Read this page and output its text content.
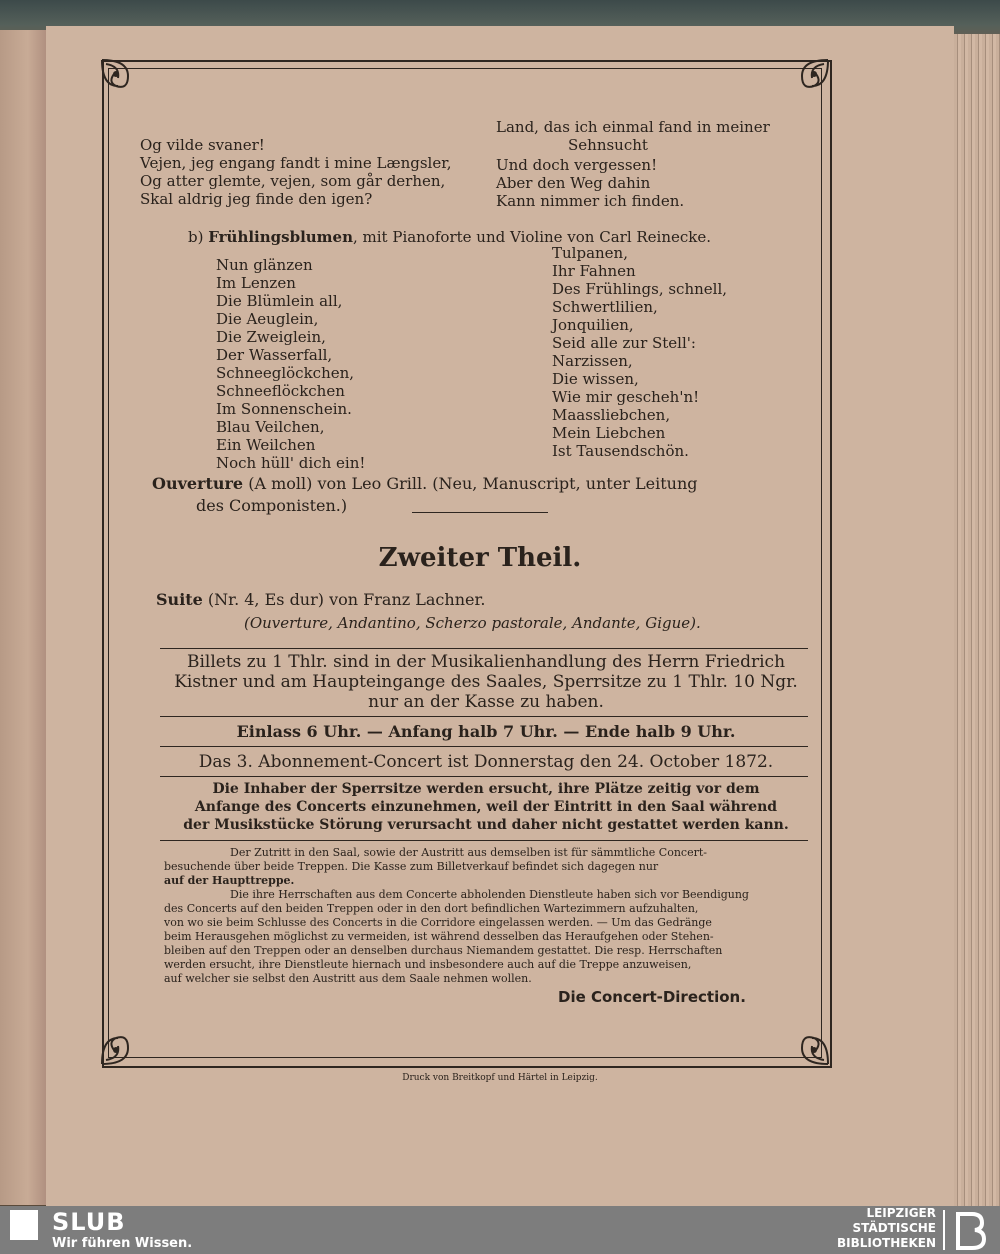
Og vilde svaner!
Vejen, jeg engang fandt i mine Længsler,
Og atter glemte, vejen, som går derhen,
Skal aldrig jeg finde den igen?
Land, das ich einmal fand in meiner
Sehnsucht
Und doch vergessen!
Aber den Weg dahin
Kann nimmer ich finden.
b) Frühlingsblumen, mit Pianoforte und Violine von Carl Reinecke.
Nun glänzen
Im Lenzen
Die Blümlein all,
Die Aeuglein,
Die Zweiglein,
Der Wasserfall,
Schneeglöckchen,
Schneeflöckchen
Im Sonnenschein.
Blau Veilchen,
Ein Weilchen
Noch hüll' dich ein!
Tulpanen,
Ihr Fahnen
Des Frühlings, schnell,
Schwertlilien,
Jonquilien,
Seid alle zur Stell':
Narzissen,
Die wissen,
Wie mir gescheh'n!
Maassliebchen,
Mein Liebchen
Ist Tausendschön.
Ouverture (A moll) von Leo Grill. (Neu, Manuscript, unter Leitung
des Componisten.)
Zweiter Theil.
Suite (Nr. 4, Es dur) von Franz Lachner.
(Ouverture, Andantino, Scherzo pastorale, Andante, Gigue).
Billets zu 1 Thlr. sind in der Musikalienhandlung des Herrn Friedrich
Kistner und am Haupteingange des Saales, Sperrsitze zu 1 Thlr. 10 Ngr.
nur an der Kasse zu haben.
Einlass 6 Uhr. — Anfang halb 7 Uhr. — Ende halb 9 Uhr.
Das 3. Abonnement-Concert ist Donnerstag den 24. October 1872.
Die Inhaber der Sperrsitze werden ersucht, ihre Plätze zeitig vor dem
Anfange des Concerts einzunehmen, weil der Eintritt in den Saal während
der Musikstücke Störung verursacht und daher nicht gestattet werden kann.
Der Zutritt in den Saal, sowie der Austritt aus demselben ist für sämmtliche Concert-
besuchende über beide Treppen. Die Kasse zum Billetverkauf befindet sich dagegen nur
auf der Haupttreppe.
Die ihre Herrschaften aus dem Concerte abholenden Dienstleute haben sich vor Beendigung
des Concerts auf den beiden Treppen oder in den dort befindlichen Wartezimmern aufzuhalten,
von wo sie beim Schlusse des Concerts in die Corridore eingelassen werden. — Um das Gedränge
beim Herausgehen möglichst zu vermeiden, ist während desselben das Heraufgehen oder Stehen-
bleiben auf den Treppen oder an denselben durchaus Niemandem gestattet. Die resp. Herrschaften
werden ersucht, ihre Dienstleute hiernach und insbesondere auch auf die Treppe anzuweisen,
auf welcher sie selbst den Austritt aus dem Saale nehmen wollen.
Die Concert-Direction.
Druck von Breitkopf und Härtel in Leipzig.
SLUB
Wir führen Wissen.
LEIPZIGER
STÄDTISCHE
BIBLIOTHEKEN
